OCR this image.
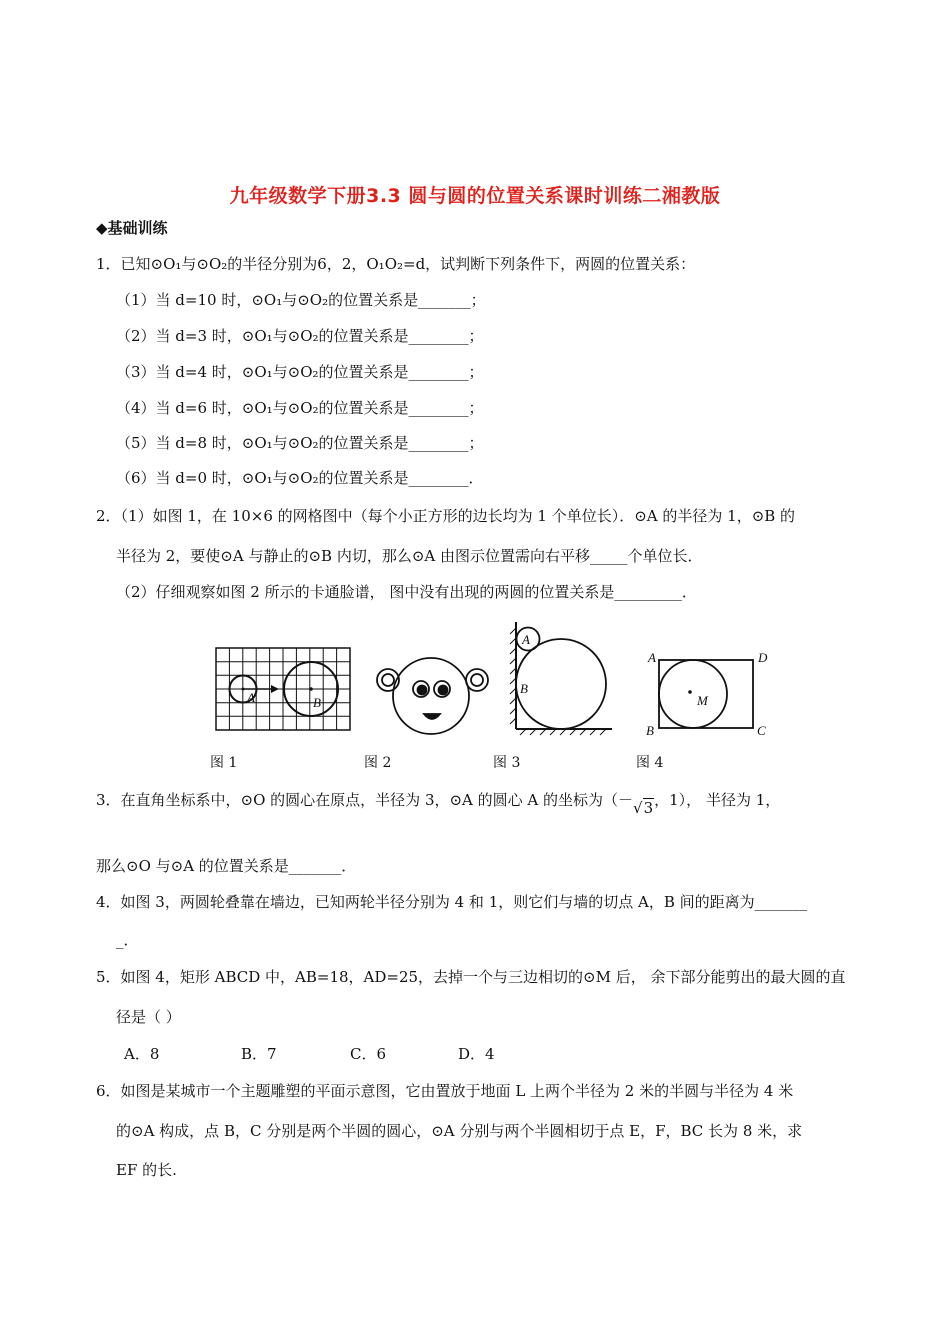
九年级数学下册3.3 圆与圆的位置关系课时训练二湘教版
◆基础训练
1．已知⊙O₁与⊙O₂的半径分别为6，2，O₁O₂=d，试判断下列条件下，两圆的位置关系：
（1）当 d=10 时，⊙O₁与⊙O₂的位置关系是_______；
（2）当 d=3 时，⊙O₁与⊙O₂的位置关系是________；
（3）当 d=4 时，⊙O₁与⊙O₂的位置关系是________；
（4）当 d=6 时，⊙O₁与⊙O₂的位置关系是________；
（5）当 d=8 时，⊙O₁与⊙O₂的位置关系是________；
（6）当 d=0 时，⊙O₁与⊙O₂的位置关系是________．
2．（1）如图 1，在 10×6 的网格图中（每个小正方形的边长均为 1 个单位长）．⊙A 的半径为 1，⊙B 的
半径为 2，要使⊙A 与静止的⊙B 内切，那么⊙A 由图示位置需向右平移_____个单位长．
（2）仔细观察如图 2 所示的卡通脸谱， 图中没有出现的两圆的位置关系是_________．
A	B
A
B
A	D
B	C
M
图 1	图 2	图 3	图 4
3．在直角坐标系中，⊙O 的圆心在原点，半径为 3，⊙A 的圆心 A 的坐标为（－√3，1）， 半径为 1，
那么⊙O 与⊙A 的位置关系是_______．
4．如图 3，两圆轮叠靠在墙边，已知两轮半径分别为 4 和 1，则它们与墙的切点 A，B 间的距离为_______
_．
5．如图 4，矩形 ABCD 中，AB=18，AD=25，去掉一个与三边相切的⊙M 后， 余下部分能剪出的最大圆的直
径是（ ）
A．8	B．7	C．6	D．4
6．如图是某城市一个主题雕塑的平面示意图，它由置放于地面 L 上两个半径为 2 米的半圆与半径为 4 米
的⊙A 构成，点 B，C 分别是两个半圆的圆心，⊙A 分别与两个半圆相切于点 E，F，BC 长为 8 米，求
EF 的长.
